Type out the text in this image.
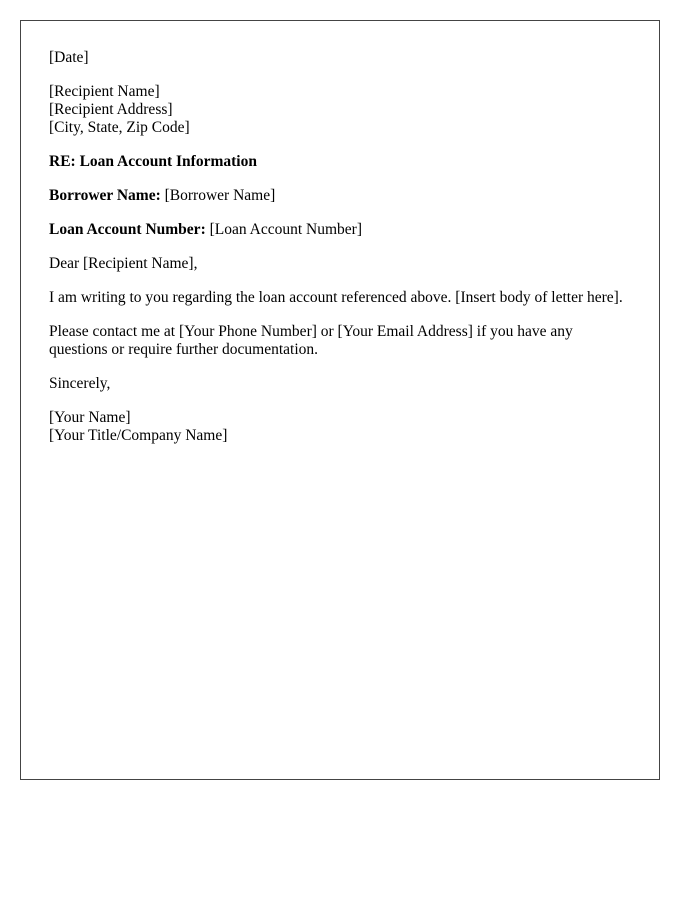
[Date]
[Recipient Name]
[Recipient Address]
[City, State, Zip Code]
RE: Loan Account Information
Borrower Name: [Borrower Name]
Loan Account Number: [Loan Account Number]
Dear [Recipient Name],
I am writing to you regarding the loan account referenced above. [Insert body of letter here].
Please contact me at [Your Phone Number] or [Your Email Address] if you have any questions or require further documentation.
Sincerely,
[Your Name]
[Your Title/Company Name]
